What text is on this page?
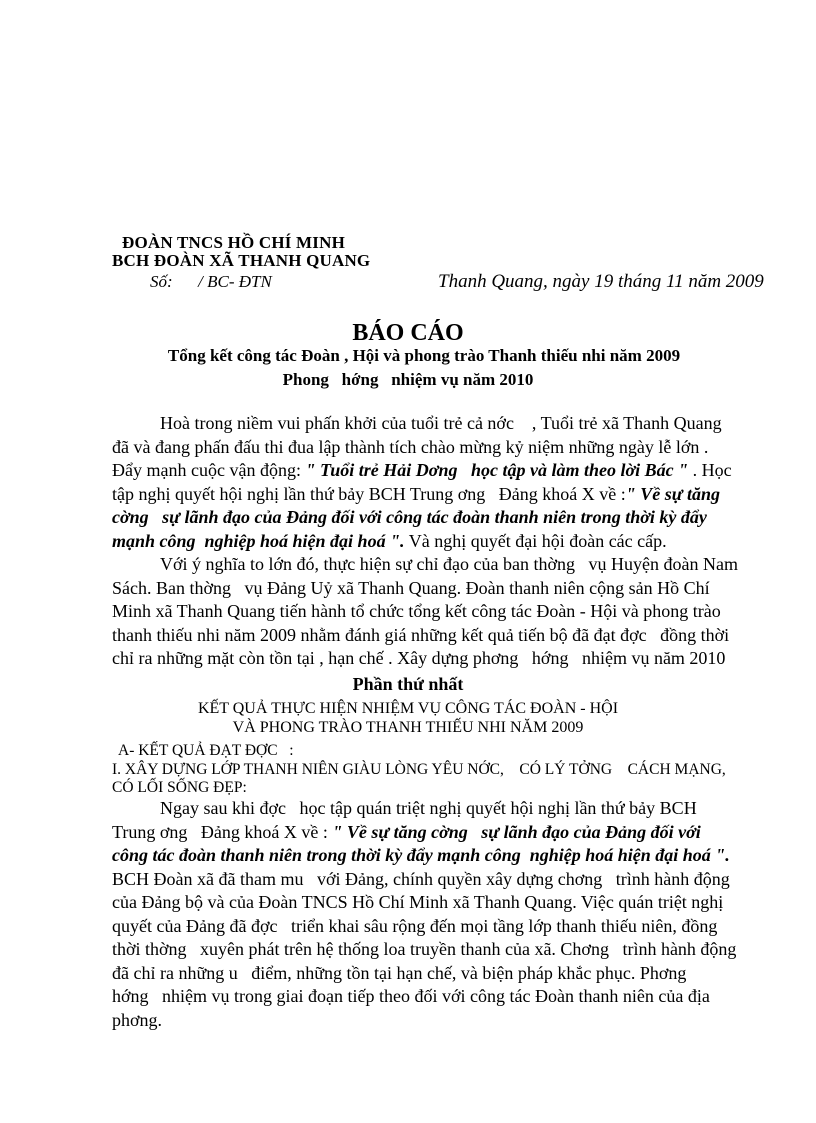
ĐOÀN TNCS HỒ CHÍ MINH
BCH ĐOÀN XÃ THANH QUANG
Số:      / BC- ĐTN	Thanh Quang, ngày 19 tháng 11 năm 2009
BÁO CÁO
Tổng kết công tác Đoàn , Hội và phong trào Thanh thiếu nhi năm 2009
Phong   hớng   nhiệm vụ năm 2010
Hoà trong niềm vui phấn khởi của tuổi trẻ cả nớc    , Tuổi trẻ xã Thanh Quang
đã và đang phấn đấu thi đua lập thành tích chào mừng kỷ niệm những ngày lễ lớn .
Đẩy mạnh cuộc vận động: " Tuổi trẻ Hải Dơng   học tập và làm theo lời Bác " . Học
tập nghị quyết hội nghị lần thứ bảy BCH Trung ơng   Đảng khoá X về :" Về sự tăng
cờng   sự lãnh đạo của Đảng đối với công tác đoàn thanh niên trong thời kỳ đẩy
mạnh công  nghiệp hoá hiện đại hoá ". Và nghị quyết đại hội đoàn các cấp.
Với ý nghĩa to lớn đó, thực hiện sự chỉ đạo của ban thờng   vụ Huyện đoàn Nam
Sách. Ban thờng   vụ Đảng Uỷ xã Thanh Quang. Đoàn thanh niên cộng sản Hồ Chí
Minh xã Thanh Quang tiến hành tổ chức tổng kết công tác Đoàn - Hội và phong trào
thanh thiếu nhi năm 2009 nhằm đánh giá những kết quả tiến bộ đã đạt đợc   đồng thời
chỉ ra những mặt còn tồn tại , hạn chế . Xây dựng phơng   hớng   nhiệm vụ năm 2010
Phần thứ nhất
KẾT QUẢ THỰC HIỆN NHIỆM VỤ CÔNG TÁC ĐOÀN - HỘI
VÀ PHONG TRÀO THANH THIẾU NHI NĂM 2009
A- KẾT QUẢ ĐẠT ĐỢC   :
I. XÂY DỰNG LỚP THANH NIÊN GIÀU LÒNG YÊU NỚC,    CÓ LÝ TỞNG    CÁCH MẠNG,
CÓ LỐI SỐNG ĐẸP:
Ngay sau khi đợc   học tập quán triệt nghị quyết hội nghị lần thứ bảy BCH
Trung ơng   Đảng khoá X về : " Về sự tăng cờng   sự lãnh đạo của Đảng đối với
công tác đoàn thanh niên trong thời kỳ đẩy mạnh công  nghiệp hoá hiện đại hoá ".
BCH Đoàn xã đã tham mu   với Đảng, chính quyền xây dựng chơng   trình hành động
của Đảng bộ và của Đoàn TNCS Hồ Chí Minh xã Thanh Quang. Việc quán triệt nghị
quyết của Đảng đã đợc   triển khai sâu rộng đến mọi tầng lớp thanh thiếu niên, đồng
thời thờng   xuyên phát trên hệ thống loa truyền thanh của xã. Chơng   trình hành động
đã chỉ ra những u   điểm, những tồn tại hạn chế, và biện pháp khắc phục. Phơng
hớng   nhiệm vụ trong giai đoạn tiếp theo đối với công tác Đoàn thanh niên của địa
phơng.
